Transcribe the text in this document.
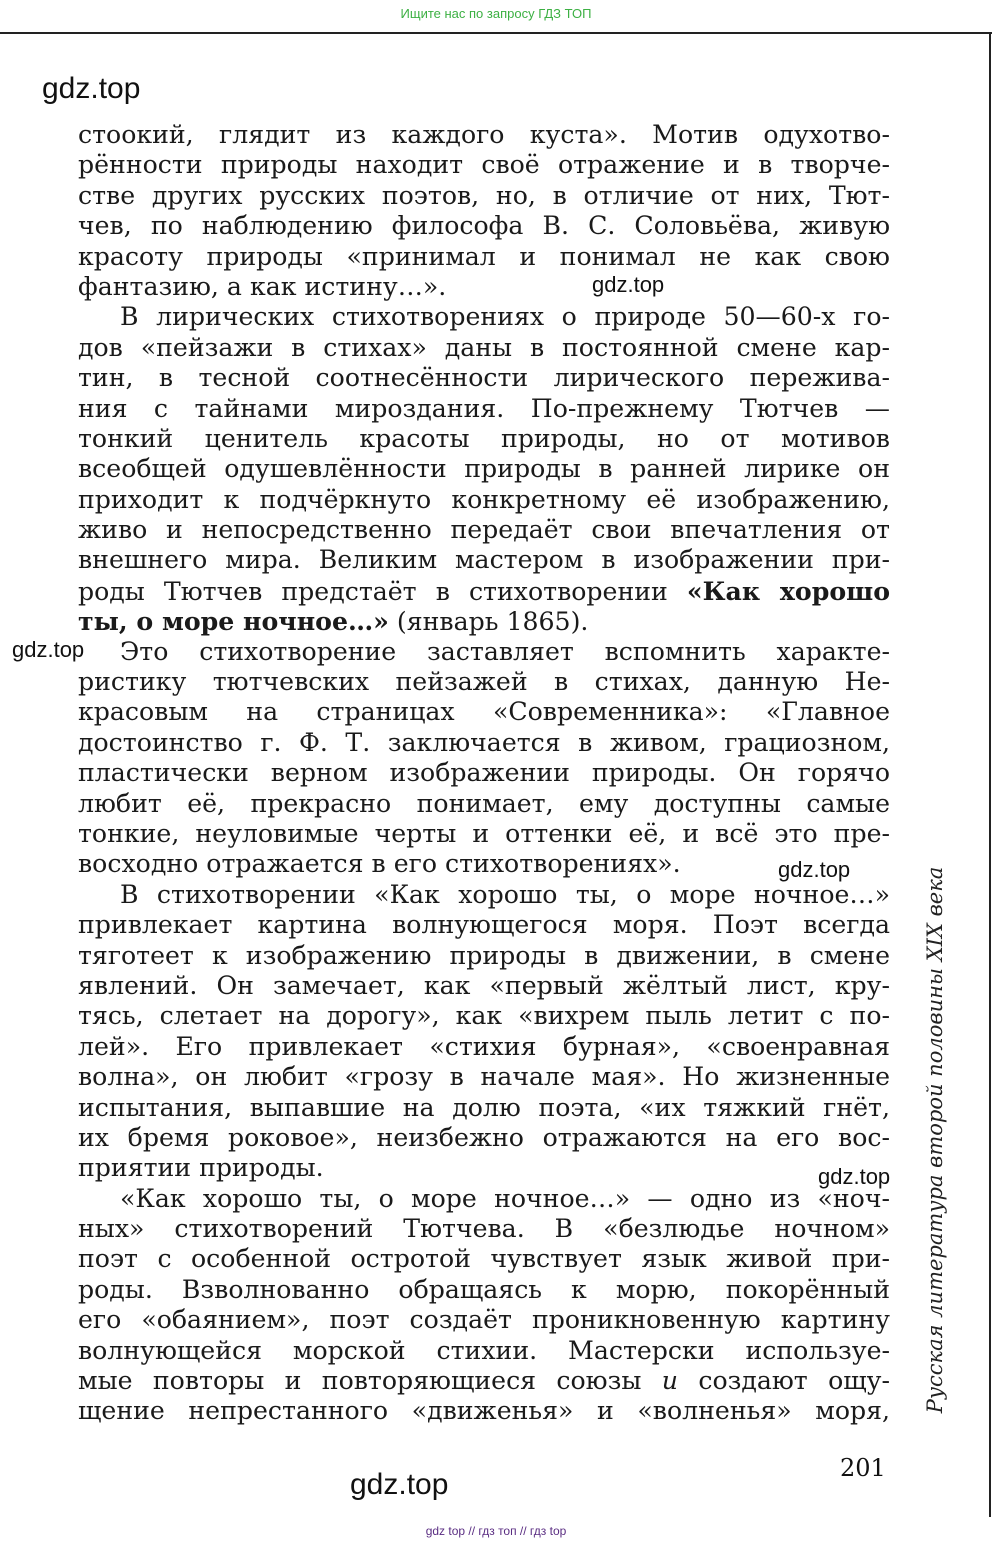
Ищите нас по запросу ГДЗ ТОП
gdz.top
gdz.top
gdz.top
gdz.top
gdz.top
gdz.top
стоокий, глядит из каждого куста». Мотив одухотво-
рённости природы находит своё отражение и в творче-
стве других русских поэтов, но, в отличие от них, Тют-
чев, по наблюдению философа В. С. Соловьёва, живую
красоту природы «принимал и понимал не как свою
фантазию, а как истину…».
В лирических стихотворениях о природе 50—60-х го-
дов «пейзажи в стихах» даны в постоянной смене кар-
тин, в тесной соотнесённости лирического пережива-
ния с тайнами мироздания. По-прежнему Тютчев —
тонкий ценитель красоты природы, но от мотивов
всеобщей одушевлённости природы в ранней лирике он
приходит к подчёркнуто конкретному её изображению,
живо и непосредственно передаёт свои впечатления от
внешнего мира. Великим мастером в изображении при-
роды Тютчев предстаёт в стихотворении «Как хорошо
ты, о море ночное…» (январь 1865).
Это стихотворение заставляет вспомнить характе-
ристику тютчевских пейзажей в стихах, данную Не-
красовым на страницах «Современника»: «Главное
достоинство г. Ф. Т. заключается в живом, грациозном,
пластически верном изображении природы. Он горячо
любит её, прекрасно понимает, ему доступны самые
тонкие, неуловимые черты и оттенки её, и всё это пре-
восходно отражается в его стихотворениях».
В стихотворении «Как хорошо ты, о море ночное…»
привлекает картина волнующегося моря. Поэт всегда
тяготеет к изображению природы в движении, в смене
явлений. Он замечает, как «первый жёлтый лист, кру-
тясь, слетает на дорогу», как «вихрем пыль летит с по-
лей». Его привлекает «стихия бурная», «своенравная
волна», он любит «грозу в начале мая». Но жизненные
испытания, выпавшие на долю поэта, «их тяжкий гнёт,
их бремя роковое», неизбежно отражаются на его вос-
приятии природы.
«Как хорошо ты, о море ночное…» — одно из «ноч-
ных» стихотворений Тютчева. В «безлюдье ночном»
поэт с особенной остротой чувствует язык живой при-
роды. Взволнованно обращаясь к морю, покорённый
его «обаянием», поэт создаёт проникновенную картину
волнующейся морской стихии. Мастерски используе-
мые повторы и повторяющиеся союзы и создают ощу-
щение непрестанного «движенья» и «волненья» моря, Русская литература второй половины XIX века
201
gdz top // гдз топ // гдз top
